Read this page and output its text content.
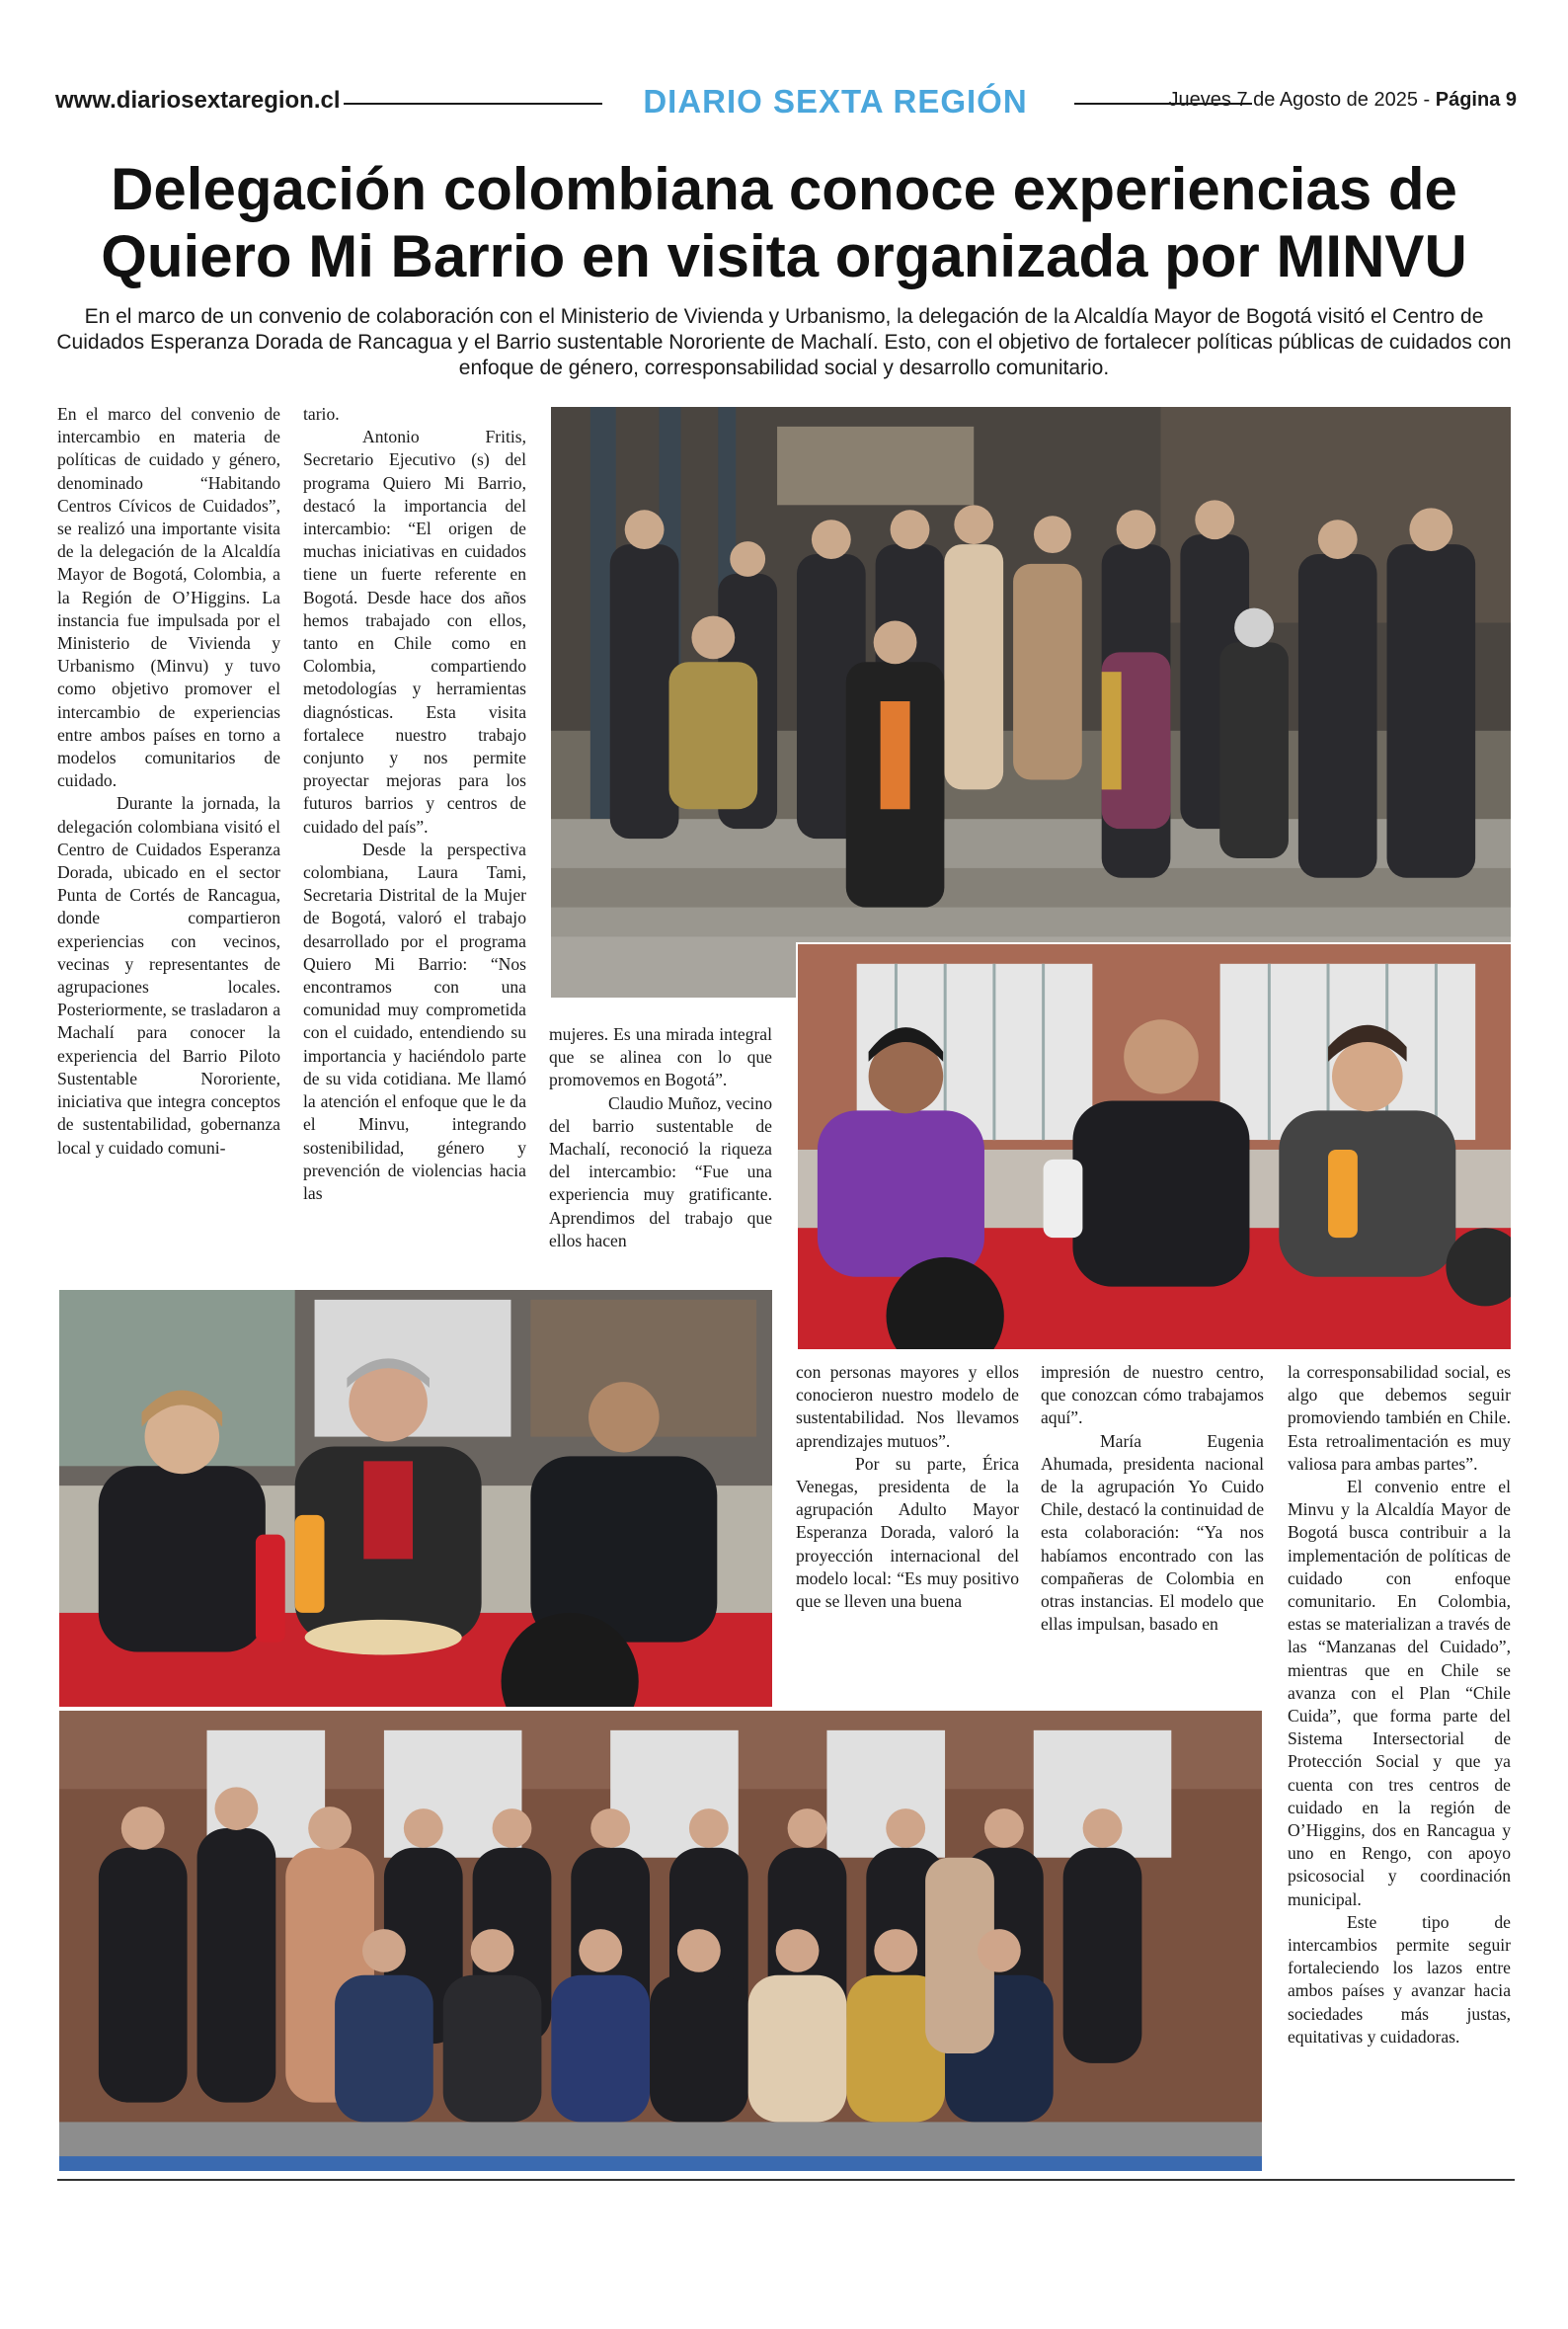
www.diariosextaregion.cl	DIARIO SEXTA REGIÓN	Jueves 7 de Agosto de 2025 - Página 9
Delegación colombiana conoce experiencias de
Quiero Mi Barrio en visita organizada por MINVU
En el marco de un convenio de colaboración con el Ministerio de Vivienda y Urbanismo, la delegación de la Alcaldía Mayor de Bogotá visitó el Centro de Cuidados Esperanza Dorada de Rancagua y el Barrio sustentable Nororiente de Machalí. Esto, con el objetivo de fortalecer políticas públicas de cuidados con enfoque de género, corresponsabilidad social y desarrollo comunitario.

En el marco del convenio de intercambio en materia de políticas de cuidado y género, denominado “Habitando Centros Cívicos de Cuidados”, se realizó una importante visita de la delegación de la Alcaldía Mayor de Bogotá, Colombia, a la Región de O’Higgins. La instancia fue impulsada por el Ministerio de Vivienda y Urbanismo (Minvu) y tuvo como objetivo promover el intercambio de experiencias entre ambos países en torno a modelos comunitarios de cuidado.

Durante la jornada, la delegación colombiana visitó el Centro de Cuidados Esperanza Dorada, ubicado en el sector Punta de Cortés de Rancagua, donde compartieron experiencias con vecinos, vecinas y representantes de agrupaciones locales. Posteriormente, se trasladaron a Machalí para conocer la experiencia del Barrio Piloto Sustentable Nororiente, iniciativa que integra conceptos de sustentabilidad, gobernanza local y cuidado comuni-

tario.

Antonio Fritis, Secretario Ejecutivo (s) del programa Quiero Mi Barrio, destacó la importancia del intercambio: “El origen de muchas iniciativas en cuidados tiene un fuerte referente en Bogotá. Desde hace dos años hemos trabajado con ellos, tanto en Chile como en Colombia, compartiendo metodologías y herramientas diagnósticas. Esta visita fortalece nuestro trabajo conjunto y nos permite proyectar mejoras para los futuros barrios y centros de cuidado del país”.

Desde la perspectiva colombiana, Laura Tami, Secretaria Distrital de la Mujer de Bogotá, valoró el trabajo desarrollado por el programa Quiero Mi Barrio: “Nos encontramos con una comunidad muy comprometida con el cuidado, entendiendo su importancia y haciéndolo parte de su vida cotidiana. Me llamó la atención el enfoque que le da el Minvu, integrando sostenibilidad, género y prevención de violencias hacia las

mujeres. Es una mirada integral que se alinea con lo que promovemos en Bogotá”.

Claudio Muñoz, vecino del barrio sustentable de Machalí, reconoció la riqueza del intercambio: “Fue una experiencia muy gratificante. Aprendimos del trabajo que ellos hacen

con personas mayores y ellos conocieron nuestro modelo de sustentabilidad. Nos llevamos aprendizajes mutuos”.

Por su parte, Érica Venegas, presidenta de la agrupación Adulto Mayor Esperanza Dorada, valoró la proyección internacional del modelo local: “Es muy positivo que se lleven una buena

impresión de nuestro centro, que conozcan cómo trabajamos aquí”.

María Eugenia Ahumada, presidenta nacional de la agrupación Yo Cuido Chile, destacó la continuidad de esta colaboración: “Ya nos habíamos encontrado con las compañeras de Colombia en otras instancias. El modelo que ellas impulsan, basado en

la corresponsabilidad social, es algo que debemos seguir promoviendo también en Chile. Esta retroalimentación es muy valiosa para ambas partes”.

El convenio entre el Minvu y la Alcaldía Mayor de Bogotá busca contribuir a la implementación de políticas de cuidado con enfoque comunitario. En Colombia, estas se materializan a través de las “Manzanas del Cuidado”, mientras que en Chile se avanza con el Plan “Chile Cuida”, que forma parte del Sistema Intersectorial de Protección Social y que ya cuenta con tres centros de cuidado en la región de O’Higgins, dos en Rancagua y uno en Rengo, con apoyo psicosocial y coordinación municipal.

Este tipo de intercambios permite seguir fortaleciendo los lazos entre ambos países y avanzar hacia sociedades más justas, equitativas y cuidadoras.
